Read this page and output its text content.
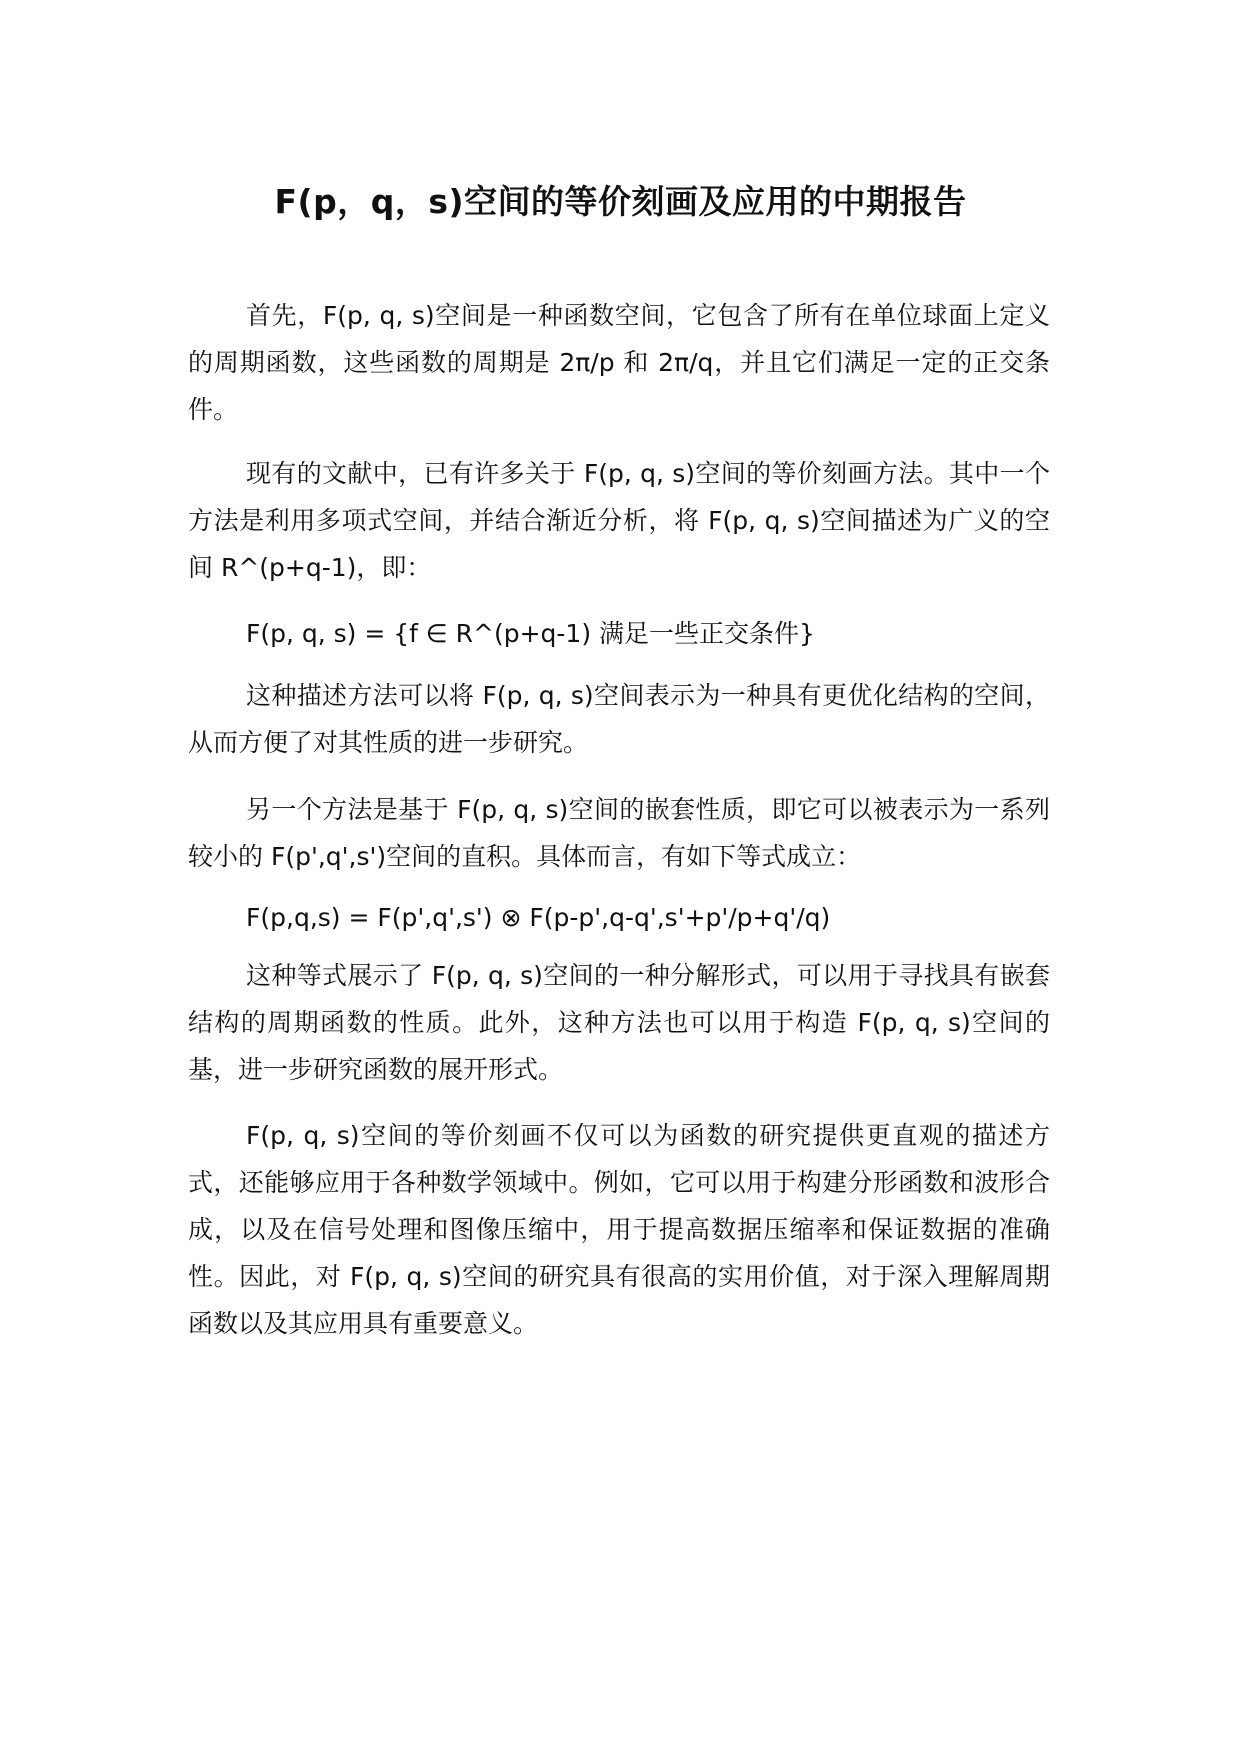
F(p，q，s)空间的等价刻画及应用的中期报告

首先，F(p, q, s)空间是一种函数空间，它包含了所有在单位球面上定义的周期函数，这些函数的周期是 2π/p 和 2π/q，并且它们满足一定的正交条件。

现有的文献中，已有许多关于 F(p, q, s)空间的等价刻画方法。其中一个方法是利用多项式空间，并结合渐近分析，将 F(p, q, s)空间描述为广义的空间 R^(p+q-1)，即：

F(p, q, s) = {f ∈ R^(p+q-1) 满足一些正交条件}

这种描述方法可以将 F(p, q, s)空间表示为一种具有更优化结构的空间，从而方便了对其性质的进一步研究。

另一个方法是基于 F(p, q, s)空间的嵌套性质，即它可以被表示为一系列较小的 F(p',q',s')空间的直积。具体而言，有如下等式成立：

F(p,q,s) = F(p',q',s') ⊗ F(p-p',q-q',s'+p'/p+q'/q)

这种等式展示了 F(p, q, s)空间的一种分解形式，可以用于寻找具有嵌套结构的周期函数的性质。此外，这种方法也可以用于构造 F(p, q, s)空间的基，进一步研究函数的展开形式。

F(p, q, s)空间的等价刻画不仅可以为函数的研究提供更直观的描述方式，还能够应用于各种数学领域中。例如，它可以用于构建分形函数和波形合成，以及在信号处理和图像压缩中，用于提高数据压缩率和保证数据的准确性。因此，对 F(p, q, s)空间的研究具有很高的实用价值，对于深入理解周期函数以及其应用具有重要意义。
